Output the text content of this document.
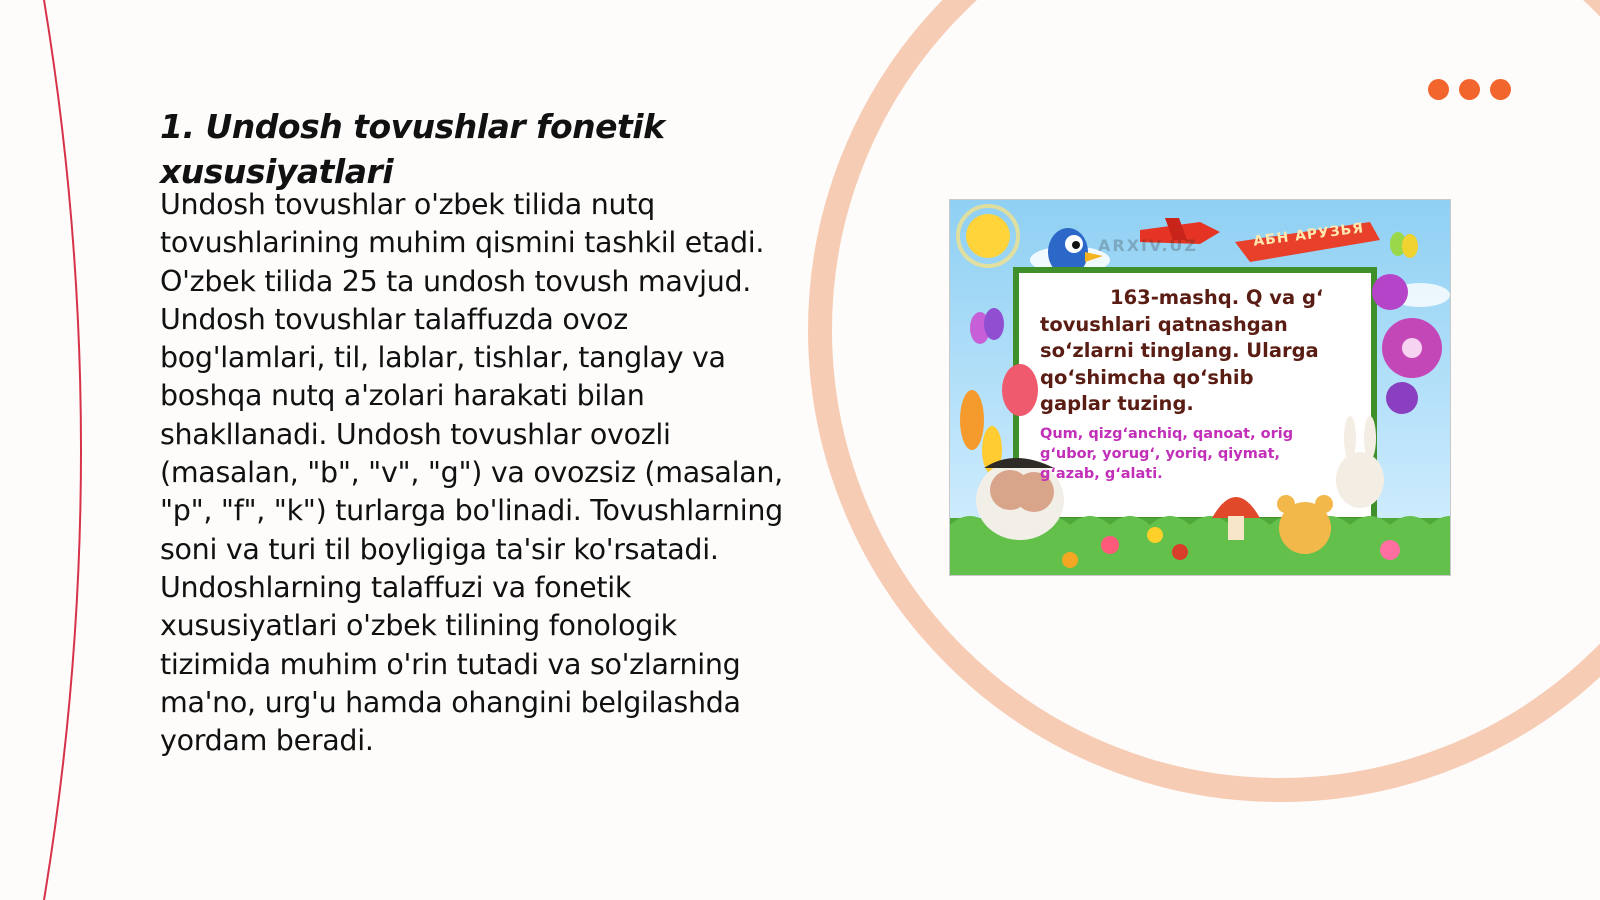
1. Undosh tovushlar fonetik
xususiyatlari

Undosh tovushlar o'zbek tilida nutq
tovushlarining muhim qismini tashkil etadi.
O'zbek tilida 25 ta undosh tovush mavjud.
Undosh tovushlar talaffuzda ovoz
bog'lamlari, til, lablar, tishlar, tanglay va
boshqa nutq a'zolari harakati bilan
shakllanadi. Undosh tovushlar ovozli
(masalan, "b", "v", "g") va ovozsiz (masalan,
"p", "f", "k") turlarga bo'linadi. Tovushlarning
soni va turi til boyligiga ta'sir ko'rsatadi.
Undoshlarning talaffuzi va fonetik
xususiyatlari o'zbek tilining fonologik
tizimida muhim o'rin tutadi va so'zlarning
ma'no, urg'u hamda ohangini belgilashda
yordam beradi.

АБН АРУЗЬЯ
ARXIV.UZ

163-mashq. Q va g‘

tovushlari qatnashgan

so‘zlarni tinglang. Ularga

qo‘shimcha qo‘shib

gaplar tuzing.

Qum, qizg‘anchiq, qanoat, orig
g‘ubor, yorug‘, yoriq, qiymat,
g‘azab, g‘alati.
